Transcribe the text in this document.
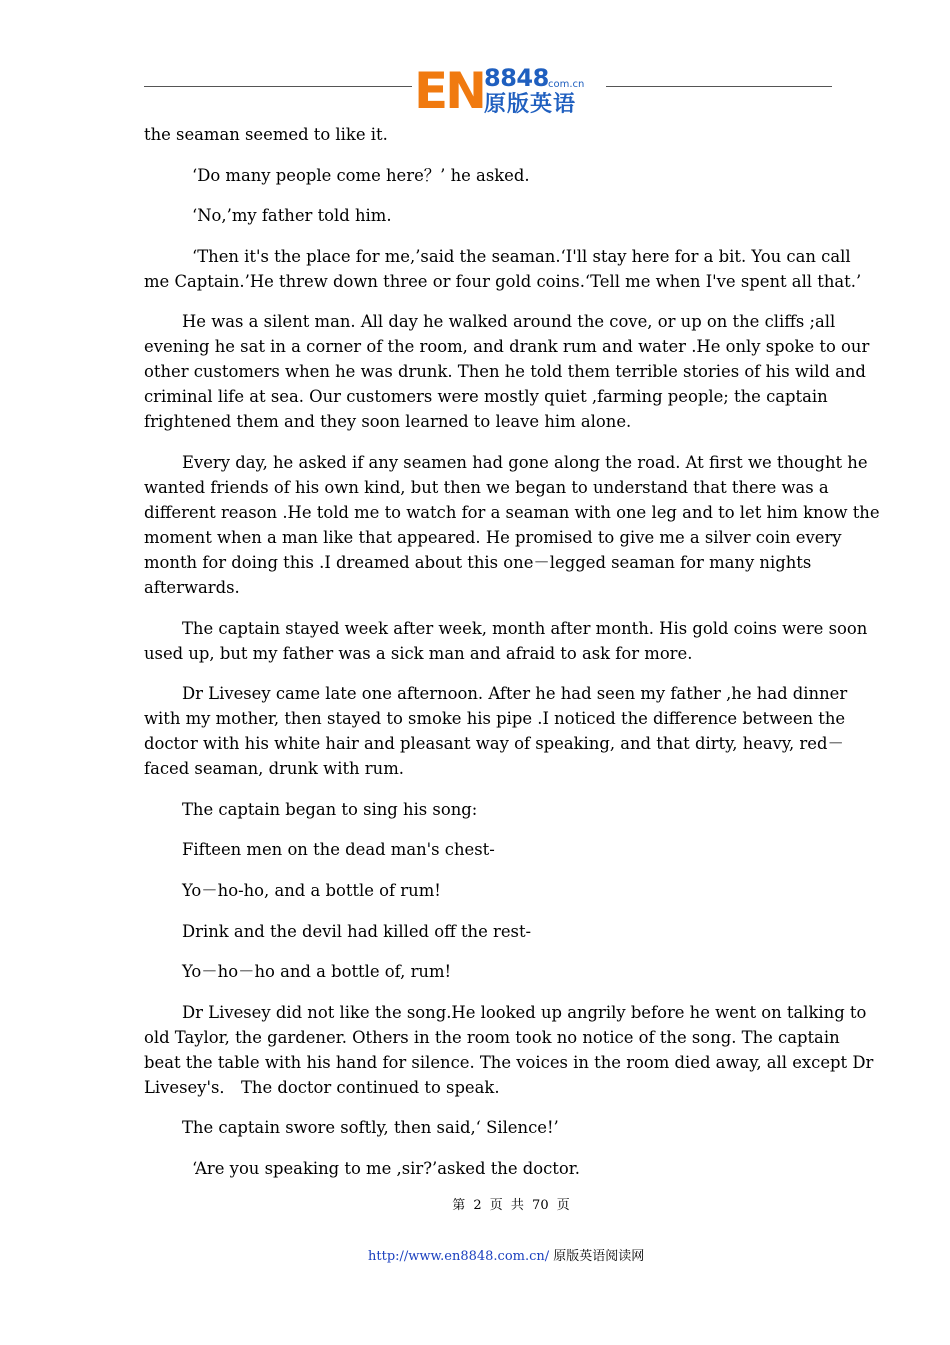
EN 8848 com.cn
原版英语

the seaman seemed to like it.

‘Do many people come here？’ he asked.

‘No,’my father told him.

‘Then it's the place for me,’said the seaman.‘I'll stay here for a bit. You can call me Captain.’He threw down three or four gold coins.‘Tell me when I've spent all that.’

He was a silent man. All day he walked around the cove, or up on the cliffs ;all evening he sat in a corner of the room, and drank rum and water .He only spoke to our other customers when he was drunk. Then he told them terrible stories of his wild and criminal life at sea. Our customers were mostly quiet ,farming people; the captain frightened them and they soon learned to leave him alone.

Every day, he asked if any seamen had gone along the road. At first we thought he wanted friends of his own kind, but then we began to understand that there was a different reason .He told me to watch for a seaman with one leg and to let him know the moment when a man like that appeared. He promised to give me a silver coin every month for doing this .I dreamed about this one－legged seaman for many nights afterwards.

The captain stayed week after week, month after month. His gold coins were soon used up, but my father was a sick man and afraid to ask for more.

Dr Livesey came late one afternoon. After he had seen my father ,he had dinner with my mother, then stayed to smoke his pipe .I noticed the difference between the doctor with his white hair and pleasant way of speaking, and that dirty, heavy, red－faced seaman, drunk with rum.

The captain began to sing his song:

Fifteen men on the dead man's chest-

Yo－ho-ho, and a bottle of rum!

Drink and the devil had killed off the rest-

Yo－ho－ho and a bottle of, rum!

Dr Livesey did not like the song.He looked up angrily before he went on talking to old Taylor, the gardener. Others in the room took no notice of the song. The captain beat the table with his hand for silence. The voices in the room died away, all except Dr Livesey's． The doctor continued to speak.

The captain swore softly, then said,‘ Silence!’

‘Are you speaking to me ,sir?’asked the doctor.

第 2 页 共 70 页
http://www.en8848.com.cn/ 原版英语阅读网
